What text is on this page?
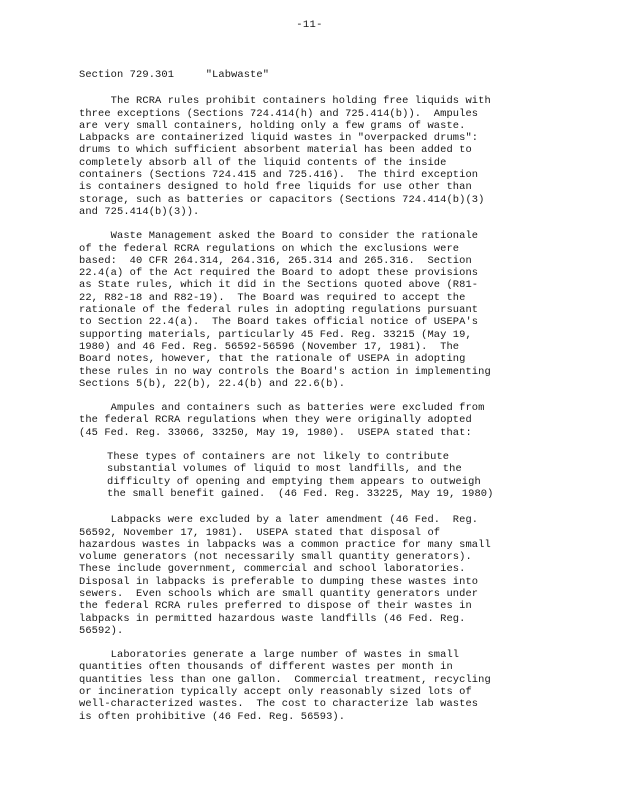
-11-
Section 729.301     "Labwaste"
The RCRA rules prohibit containers holding free liquids with
three exceptions (Sections 724.414(h) and 725.414(b)).  Ampules
are very small containers, holding only a few grams of waste.
Labpacks are containerized liquid wastes in "overpacked drums":
drums to which sufficient absorbent material has been added to
completely absorb all of the liquid contents of the inside
containers (Sections 724.415 and 725.416).  The third exception
is containers designed to hold free liquids for use other than
storage, such as batteries or capacitors (Sections 724.414(b)(3)
and 725.414(b)(3)).
Waste Management asked the Board to consider the rationale
of the federal RCRA regulations on which the exclusions were
based:  40 CFR 264.314, 264.316, 265.314 and 265.316.  Section
22.4(a) of the Act required the Board to adopt these provisions
as State rules, which it did in the Sections quoted above (R81-
22, R82-18 and R82-19).  The Board was required to accept the
rationale of the federal rules in adopting regulations pursuant
to Section 22.4(a).  The Board takes official notice of USEPA's
supporting materials, particularly 45 Fed. Reg. 33215 (May 19,
1980) and 46 Fed. Reg. 56592-56596 (November 17, 1981).  The
Board notes, however, that the rationale of USEPA in adopting
these rules in no way controls the Board's action in implementing
Sections 5(b), 22(b), 22.4(b) and 22.6(b).
Ampules and containers such as batteries were excluded from
the federal RCRA regulations when they were originally adopted
(45 Fed. Reg. 33066, 33250, May 19, 1980).  USEPA stated that:
These types of containers are not likely to contribute
substantial volumes of liquid to most landfills, and the
difficulty of opening and emptying them appears to outweigh
the small benefit gained.  (46 Fed. Reg. 33225, May 19, 1980)
Labpacks were excluded by a later amendment (46 Fed.  Reg.
56592, November 17, 1981).  USEPA stated that disposal of
hazardous wastes in labpacks was a common practice for many small
volume generators (not necessarily small quantity generators).
These include government, commercial and school laboratories.
Disposal in labpacks is preferable to dumping these wastes into
sewers.  Even schools which are small quantity generators under
the federal RCRA rules preferred to dispose of their wastes in
labpacks in permitted hazardous waste landfills (46 Fed. Reg.
56592).
Laboratories generate a large number of wastes in small
quantities often thousands of different wastes per month in
quantities less than one gallon.  Commercial treatment, recycling
or incineration typically accept only reasonably sized lots of
well-characterized wastes.  The cost to characterize lab wastes
is often prohibitive (46 Fed. Reg. 56593).
